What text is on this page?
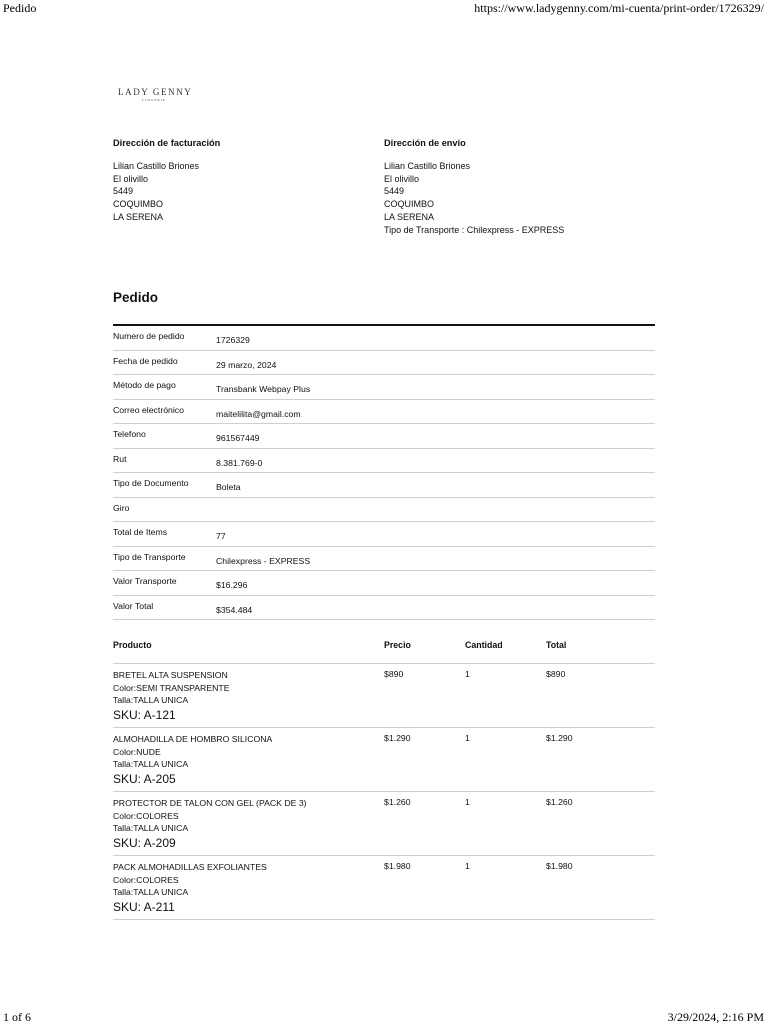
Pedido	https://www.ladygenny.com/mi-cuenta/print-order/1726329/
LADY GENNY
LINGERIE
Dirección de facturación
Lilian Castillo Briones
El olivillo
5449
COQUIMBO
LA SERENA
Dirección de envío
Lilian Castillo Briones
El olivillo
5449
COQUIMBO
LA SERENA
Tipo de Transporte : Chilexpress - EXPRESS
Pedido
Numero de pedido	1726329
Fecha de pedido	29 marzo, 2024
Método de pago	Transbank Webpay Plus
Correo electrónico	maitelilita@gmail.com
Telefono	961567449
Rut	8.381.769-0
Tipo de Documento	Boleta
Giro
Total de Items	77
Tipo de Transporte	Chilexpress - EXPRESS
Valor Transporte	$16.296
Valor Total	$354.484
Producto	Precio	Cantidad	Total
BRETEL ALTA SUSPENSION
Color:SEMI TRANSPARENTE
Talla:TALLA UNICA
SKU: A-121
$890	1	$890
ALMOHADILLA DE HOMBRO SILICONA
Color:NUDE
Talla:TALLA UNICA
SKU: A-205
$1.290	1	$1.290
PROTECTOR DE TALON CON GEL (PACK DE 3)
Color:COLORES
Talla:TALLA UNICA
SKU: A-209
$1.260	1	$1.260
PACK ALMOHADILLAS EXFOLIANTES
Color:COLORES
Talla:TALLA UNICA
SKU: A-211
$1.980	1	$1.980
1 of 6	3/29/2024, 2:16 PM
